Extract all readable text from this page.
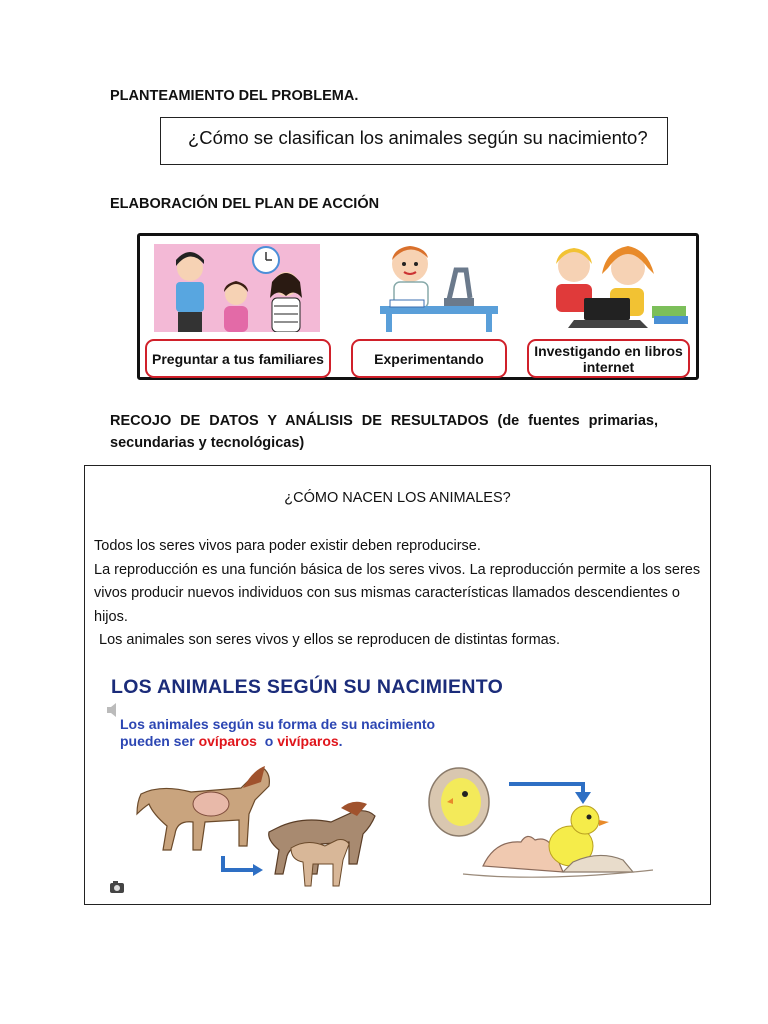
PLANTEAMIENTO DEL PROBLEMA.
¿Cómo se clasifican los animales según su nacimiento?
ELABORACIÓN DEL PLAN DE ACCIÓN
Preguntar a tus familiares	Experimentando	Investigando en libros internet
RECOJO DE DATOS Y ANÁLISIS DE RESULTADOS (de fuentes primarias, secundarias y tecnológicas)
¿CÓMO NACEN LOS ANIMALES?

Todos los seres vivos para poder existir deben reproducirse.

La reproducción es una función básica de los seres vivos. La reproducción permite a los seres vivos producir nuevos individuos con sus mismas características llamados descendientes o hijos.

Los animales son seres vivos y ellos se reproducen de distintas formas.

LOS ANIMALES SEGÚN SU NACIMIENTO
Los animales según su forma de su nacimiento
pueden ser ovíparos  o vivíparos.
